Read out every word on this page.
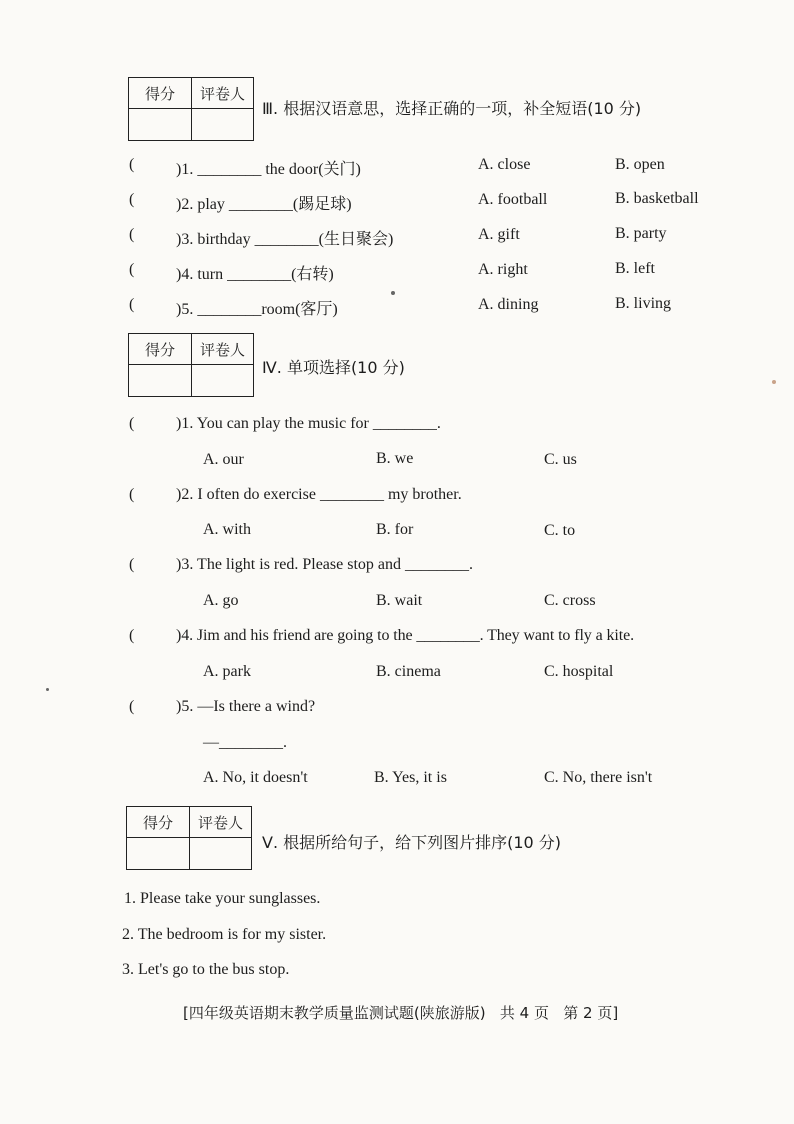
得分	评卷人
Ⅲ. 根据汉语意思，选择正确的一项，补全短语(10 分)
(	)1. ________ the door(关门)	A. close	B. open
(	)2. play ________(踢足球)	A. football	B. basketball
(	)3. birthday ________(生日聚会)	A. gift	B. party
(	)4. turn ________(右转)	A. right	B. left
(	)5. ________room(客厅)	A. dining	B. living
得分	评卷人
Ⅳ. 单项选择(10 分)
(	)1. You can play the music for ________.
A. our	B. we	C. us
(	)2. I often do exercise ________ my brother.
A. with	B. for	C. to
(	)3. The light is red. Please stop and ________.
A. go	B. wait	C. cross
(	)4. Jim and his friend are going to the ________. They want to fly a kite.
A. park	B. cinema	C. hospital
(	)5. —Is there a wind?
—________.
A. No, it doesn't	B. Yes, it is	C. No, there isn't
得分	评卷人
Ⅴ. 根据所给句子，给下列图片排序(10 分)
1. Please take your sunglasses.
2. The bedroom is for my sister.
3. Let's go to the bus stop.
[四年级英语期末教学质量监测试题(陕旅游版)   共 4 页   第 2 页]
